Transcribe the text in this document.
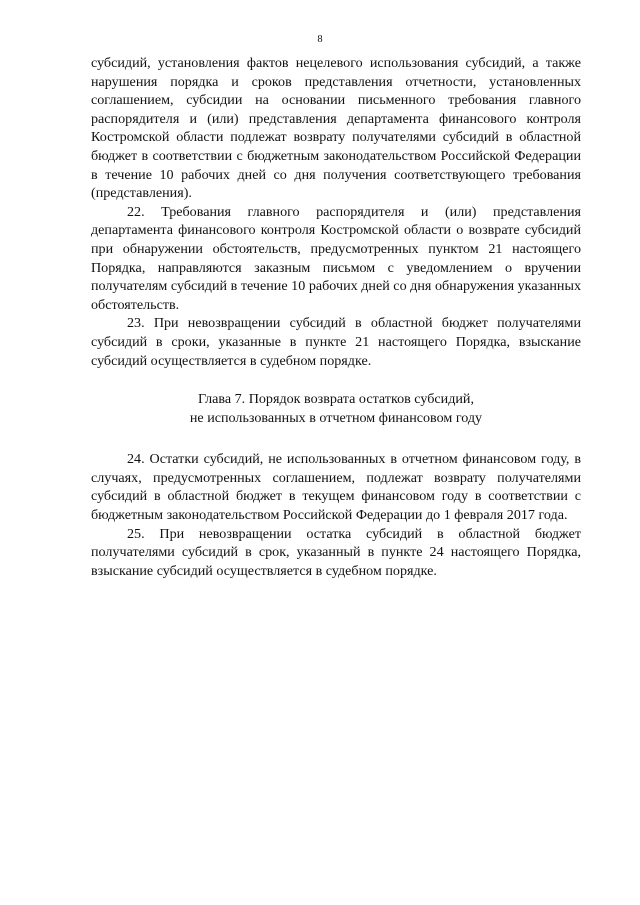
8

субсидий, установления фактов нецелевого использования субсидий, а также нарушения порядка и сроков представления отчетности, установленных соглашением, субсидии на основании письменного требования главного распорядителя и (или) представления департамента финансового контроля Костромской области подлежат возврату получателями субсидий в областной бюджет в соответствии с бюджетным законодательством Российской Федерации в течение 10 рабочих дней со дня получения соответствующего требования (представления).

22. Требования главного распорядителя и (или) представления департамента финансового контроля Костромской области о возврате субсидий при обнаружении обстоятельств, предусмотренных пунктом 21 настоящего Порядка, направляются заказным письмом с уведомлением о вручении получателям субсидий в течение 10 рабочих дней со дня обнаружения указанных обстоятельств.

23. При невозвращении субсидий в областной бюджет получателями субсидий в сроки, указанные в пункте 21 настоящего Порядка, взыскание субсидий осуществляется в судебном порядке.

Глава 7. Порядок возврата остатков субсидий,
не использованных в отчетном финансовом году

24. Остатки субсидий, не использованных в отчетном финансовом году, в случаях, предусмотренных соглашением, подлежат возврату получателями субсидий в областной бюджет в текущем финансовом году в соответствии с бюджетным законодательством Российской Федерации до 1 февраля 2017 года.

25. При невозвращении остатка субсидий в областной бюджет получателями субсидий в срок, указанный в пункте 24 настоящего Порядка, взыскание субсидий осуществляется в судебном порядке.
